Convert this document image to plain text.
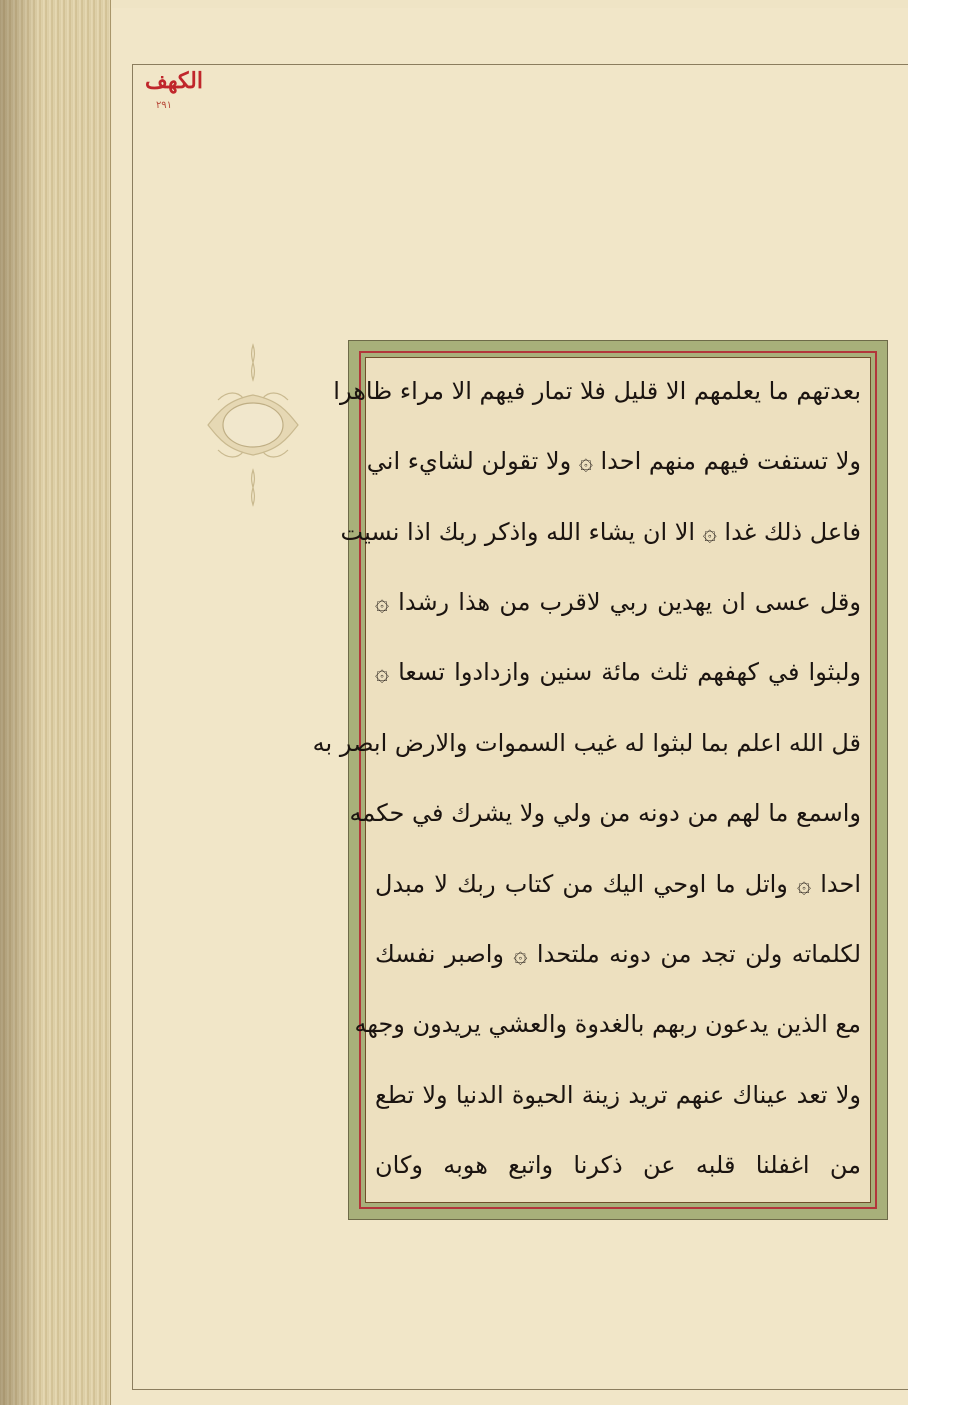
الكهف
٢٩١
بعدتهم ما يعلمهم الا قليل فلا تمار فيهم الا مراء ظاهرا
ولا تستفت فيهم منهم احدا ۞ ولا تقولن لشايء اني
فاعل ذلك غدا ۞ الا ان يشاء الله واذكر ربك اذا نسيت
وقل عسى ان يهدين ربي لاقرب من هذا رشدا ۞
ولبثوا في كهفهم ثلث مائة سنين وازدادوا تسعا ۞
قل الله اعلم بما لبثوا له غيب السموات والارض ابصر به
واسمع ما لهم من دونه من ولي ولا يشرك في حكمه
احدا ۞ واتل ما اوحي اليك من كتاب ربك لا مبدل
لكلماته ولن تجد من دونه ملتحدا ۞ واصبر نفسك
مع الذين يدعون ربهم بالغدوة والعشي يريدون وجهه
ولا تعد عيناك عنهم تريد زينة الحيوة الدنيا ولا تطع
من اغفلنا قلبه عن ذكرنا واتبع هوبه وكان
